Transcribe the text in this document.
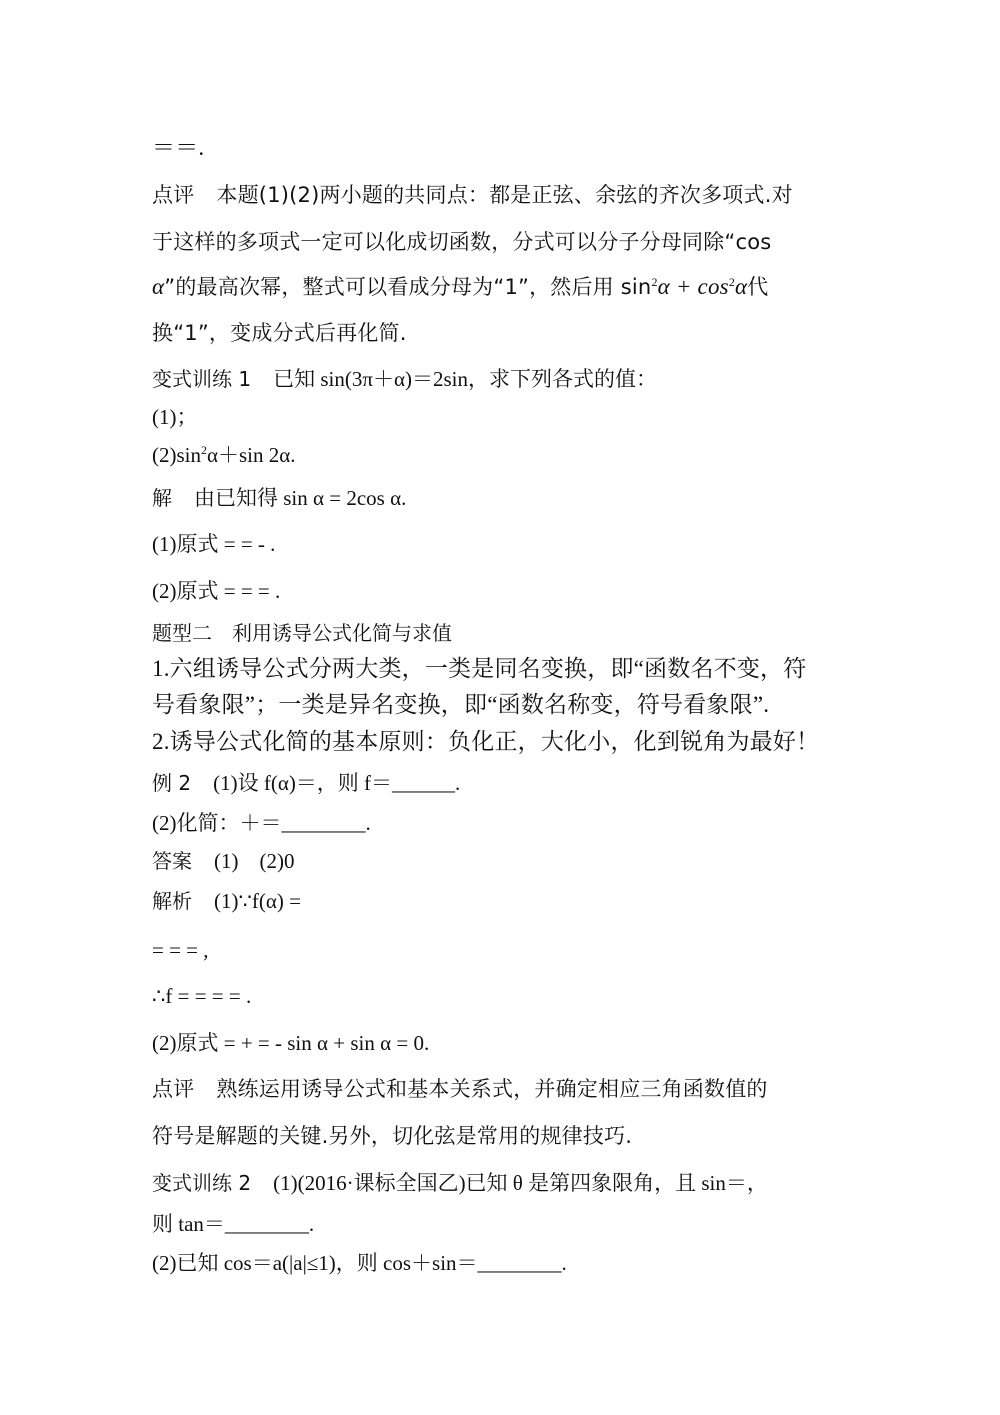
＝＝.
点评 本题(1)(2)两小题的共同点：都是正弦、余弦的齐次多项式.对
于这样的多项式一定可以化成切函数，分式可以分子分母同除“cos
α”的最高次幂，整式可以看成分母为“1”，然后用 $\sin^2\alpha + \cos^2\alpha$代
换“1”，变成分式后再化简.
变式训练 1 已知 sin(3π＋α)＝2sin，求下列各式的值：
(1)；
$(2)\sin^2\alpha+\sin$ 2α.
解 由已知得 sin α = 2cos α.
(1)原式 = = - .
(2)原式 = = = .
题型二　利用诱导公式化简与求值
1.六组诱导公式分两大类，一类是同名变换，即“函数名不变，符
号看象限”；一类是异名变换，即“函数名称变，符号看象限”.
2.诱导公式化简的基本原则：负化正，大化小，化到锐角为最好！
例 2 (1)设 f(α)＝，则 f＝______.
(2)化简：＋＝________.
答案 (1)　(2)0
解析 (1)∵f(α) =
= = = ,
∴f = = = = .
(2)原式 = + = - sin α + sin α = 0.
点评 熟练运用诱导公式和基本关系式，并确定相应三角函数值的
符号是解题的关键.另外，切化弦是常用的规律技巧.
变式训练 2 (1)(2016·课标全国乙)已知 θ 是第四象限角，且 sin＝，
则 tan＝________.
(2)已知 cos＝a(|a|≤1)，则 cos＋sin＝________.
